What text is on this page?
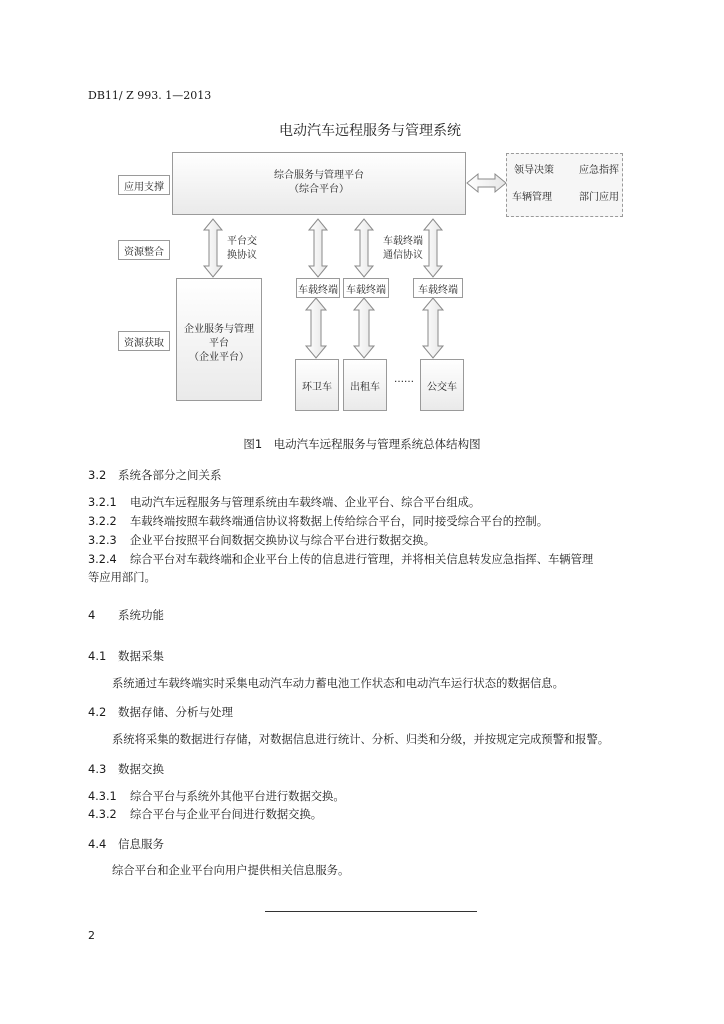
DB11/ Z 993. 1—2013
电动汽车远程服务与管理系统
应用支撑
资源整合
资源获取
综合服务与管理平台
（综合平台）
领导决策	应急指挥
车辆管理	部门应用
平台交
换协议
车载终端
通信协议
企业服务与管理
平台
（企业平台）
车载终端 车载终端	车载终端
环卫车	出租车
……
公交车
图1　电动汽车远程服务与管理系统总体结构图
3.2 系统各部分之间关系
3.2.1 电动汽车远程服务与管理系统由车载终端、企业平台、综合平台组成。
3.2.2 车载终端按照车载终端通信协议将数据上传给综合平台，同时接受综合平台的控制。
3.2.3 企业平台按照平台间数据交换协议与综合平台进行数据交换。
3.2.4 综合平台对车载终端和企业平台上传的信息进行管理，并将相关信息转发应急指挥、车辆管理
等应用部门。
4 系统功能
4.1 数据采集
系统通过车载终端实时采集电动汽车动力蓄电池工作状态和电动汽车运行状态的数据信息。
4.2 数据存储、分析与处理
系统将采集的数据进行存储，对数据信息进行统计、分析、归类和分级，并按规定完成预警和报警。
4.3 数据交换
4.3.1 综合平台与系统外其他平台进行数据交换。
4.3.2 综合平台与企业平台间进行数据交换。
4.4 信息服务
综合平台和企业平台向用户提供相关信息服务。
2
